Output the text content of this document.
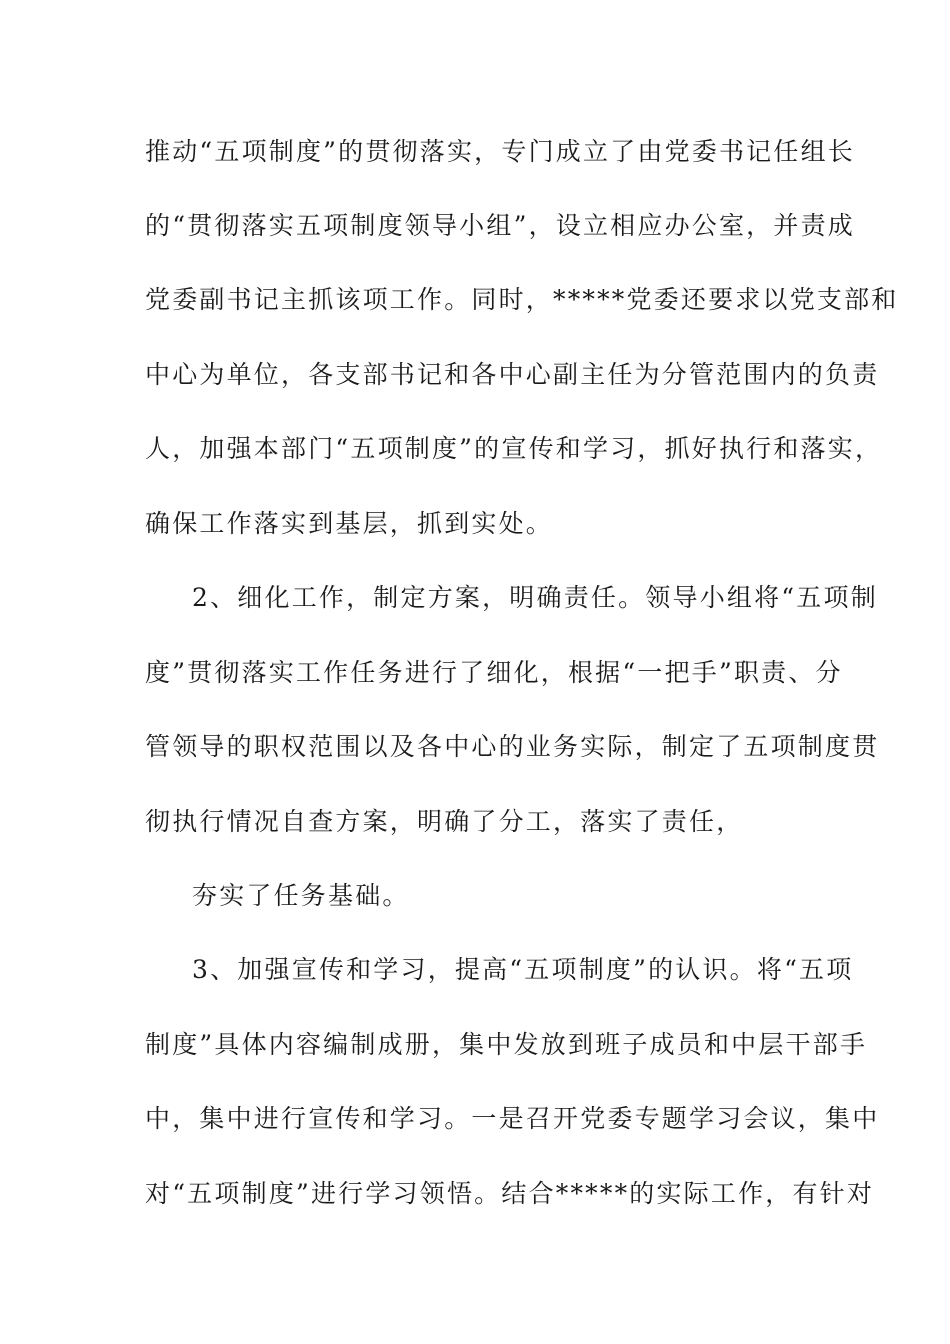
推动“五项制度”的贯彻落实，专门成立了由党委书记任组长
的“贯彻落实五项制度领导小组”，设立相应办公室，并责成
党委副书记主抓该项工作。同时，*****党委还要求以党支部和
中心为单位，各支部书记和各中心副主任为分管范围内的负责
人，加强本部门“五项制度”的宣传和学习，抓好执行和落实，
确保工作落实到基层，抓到实处。
2、细化工作，制定方案，明确责任。领导小组将“五项制
度”贯彻落实工作任务进行了细化，根据“一把手”职责、分
管领导的职权范围以及各中心的业务实际，制定了五项制度贯
彻执行情况自查方案，明确了分工，落实了责任，
夯实了任务基础。
3、加强宣传和学习，提高“五项制度”的认识。将“五项
制度”具体内容编制成册，集中发放到班子成员和中层干部手
中，集中进行宣传和学习。一是召开党委专题学习会议，集中
对“五项制度”进行学习领悟。结合*****的实际工作，有针对
